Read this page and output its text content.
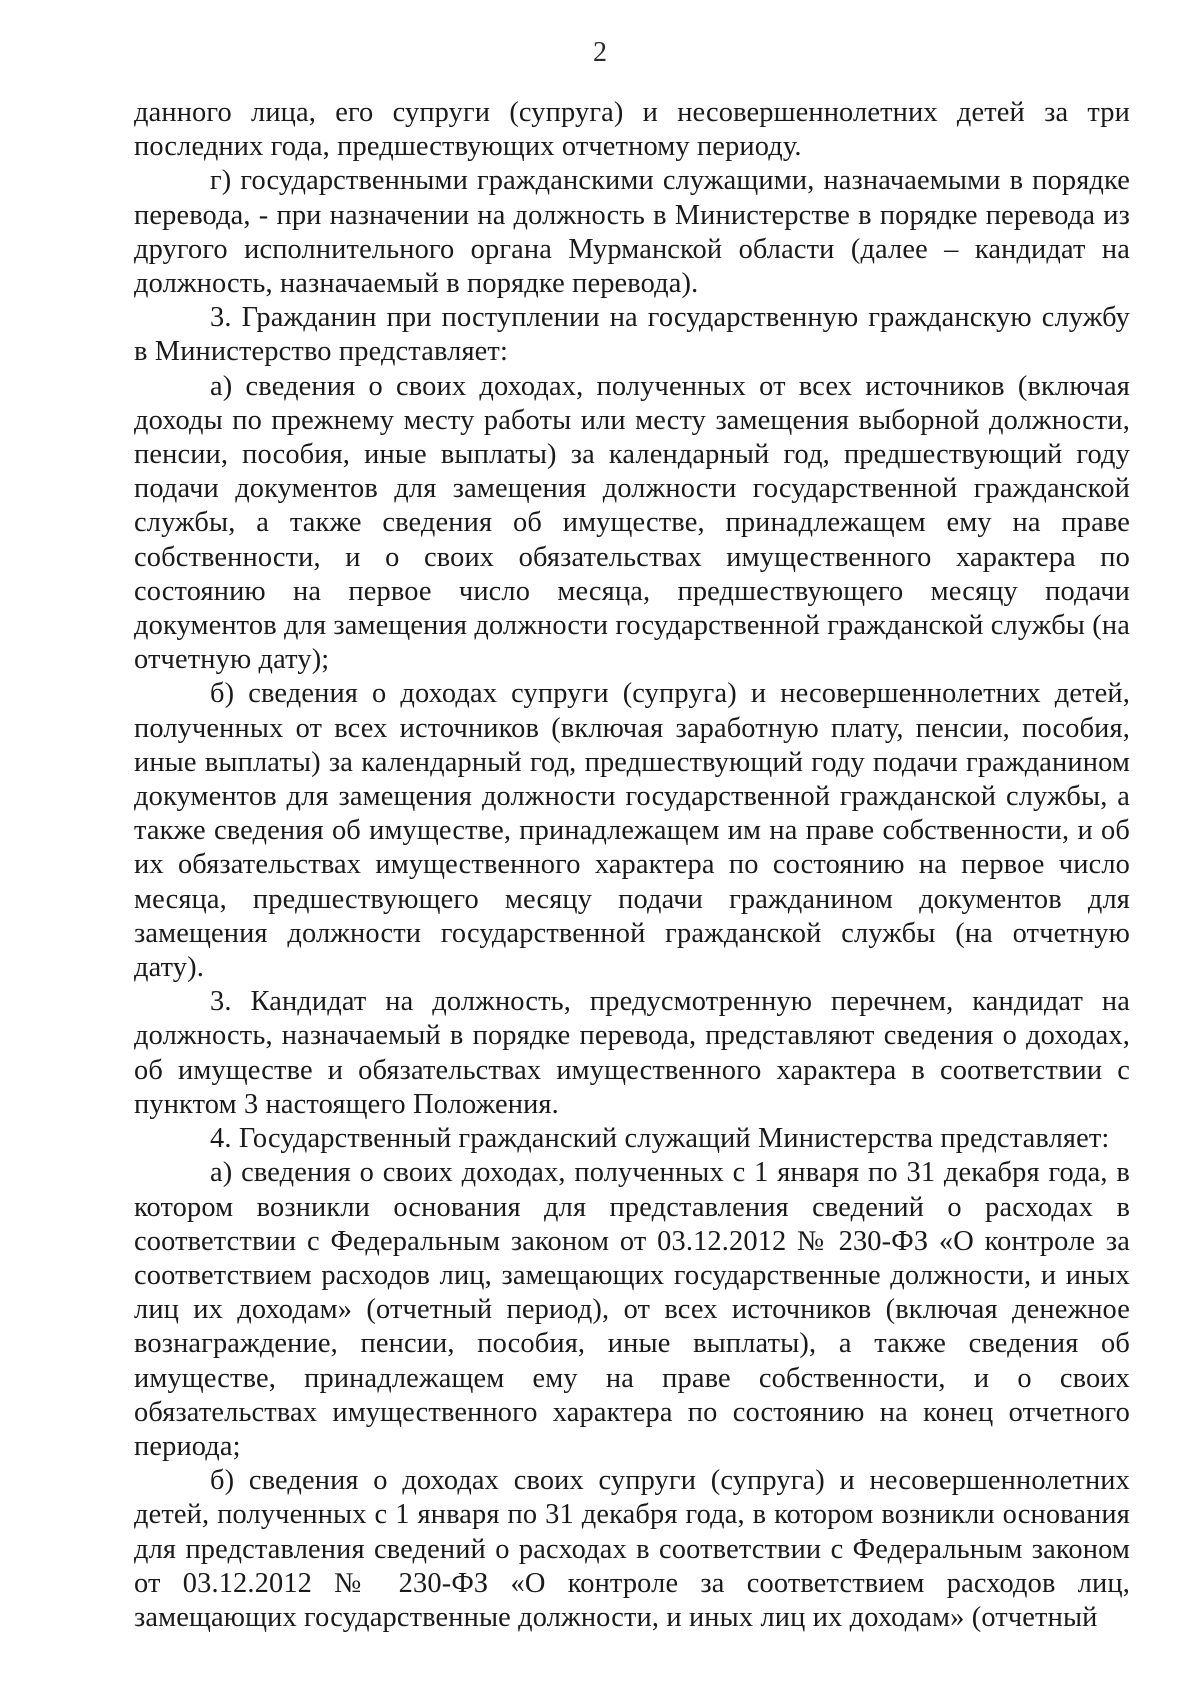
2

данного лица, его супруги (супруга) и несовершеннолетних детей за три последних года, предшествующих отчетному периоду.

г) государственными гражданскими служащими, назначаемыми в порядке перевода, - при назначении на должность в Министерстве в порядке перевода из другого исполнительного органа Мурманской области (далее – кандидат на должность, назначаемый в порядке перевода).

3. Гражданин при поступлении на государственную гражданскую службу в Министерство представляет:

а) сведения о своих доходах, полученных от всех источников (включая доходы по прежнему месту работы или месту замещения выборной должности, пенсии, пособия, иные выплаты) за календарный год, предшествующий году подачи документов для замещения должности государственной гражданской службы, а также сведения об имуществе, принадлежащем ему на праве собственности, и о своих обязательствах имущественного характера по состоянию на первое число месяца, предшествующего месяцу подачи документов для замещения должности государственной гражданской службы (на отчетную дату);

б) сведения о доходах супруги (супруга) и несовершеннолетних детей, полученных от всех источников (включая заработную плату, пенсии, пособия, иные выплаты) за календарный год, предшествующий году подачи гражданином документов для замещения должности государственной гражданской службы, а также сведения об имуществе, принадлежащем им на праве собственности, и об их обязательствах имущественного характера по состоянию на первое число месяца, предшествующего месяцу подачи гражданином документов для замещения должности государственной гражданской службы (на отчетную дату).

3. Кандидат на должность, предусмотренную перечнем, кандидат на должность, назначаемый в порядке перевода, представляют сведения о доходах, об имуществе и обязательствах имущественного характера в соответствии с пунктом 3 настоящего Положения.

4. Государственный гражданский служащий Министерства представляет:

а) сведения о своих доходах, полученных с 1 января по 31 декабря года, в котором возникли основания для представления сведений о расходах в соответствии с Федеральным законом от 03.12.2012 № 230-ФЗ «О контроле за соответствием расходов лиц, замещающих государственные должности, и иных лиц их доходам» (отчетный период), от всех источников (включая денежное вознаграждение, пенсии, пособия, иные выплаты), а также сведения об имуществе, принадлежащем ему на праве собственности, и о своих обязательствах имущественного характера по состоянию на конец отчетного периода;

б) сведения о доходах своих супруги (супруга) и несовершеннолетних детей, полученных с 1 января по 31 декабря года, в котором возникли основания для представления сведений о расходах в соответствии с Федеральным законом от 03.12.2012 № 230-ФЗ «О контроле за соответствием расходов лиц, замещающих государственные должности, и иных лиц их доходам» (отчетный
